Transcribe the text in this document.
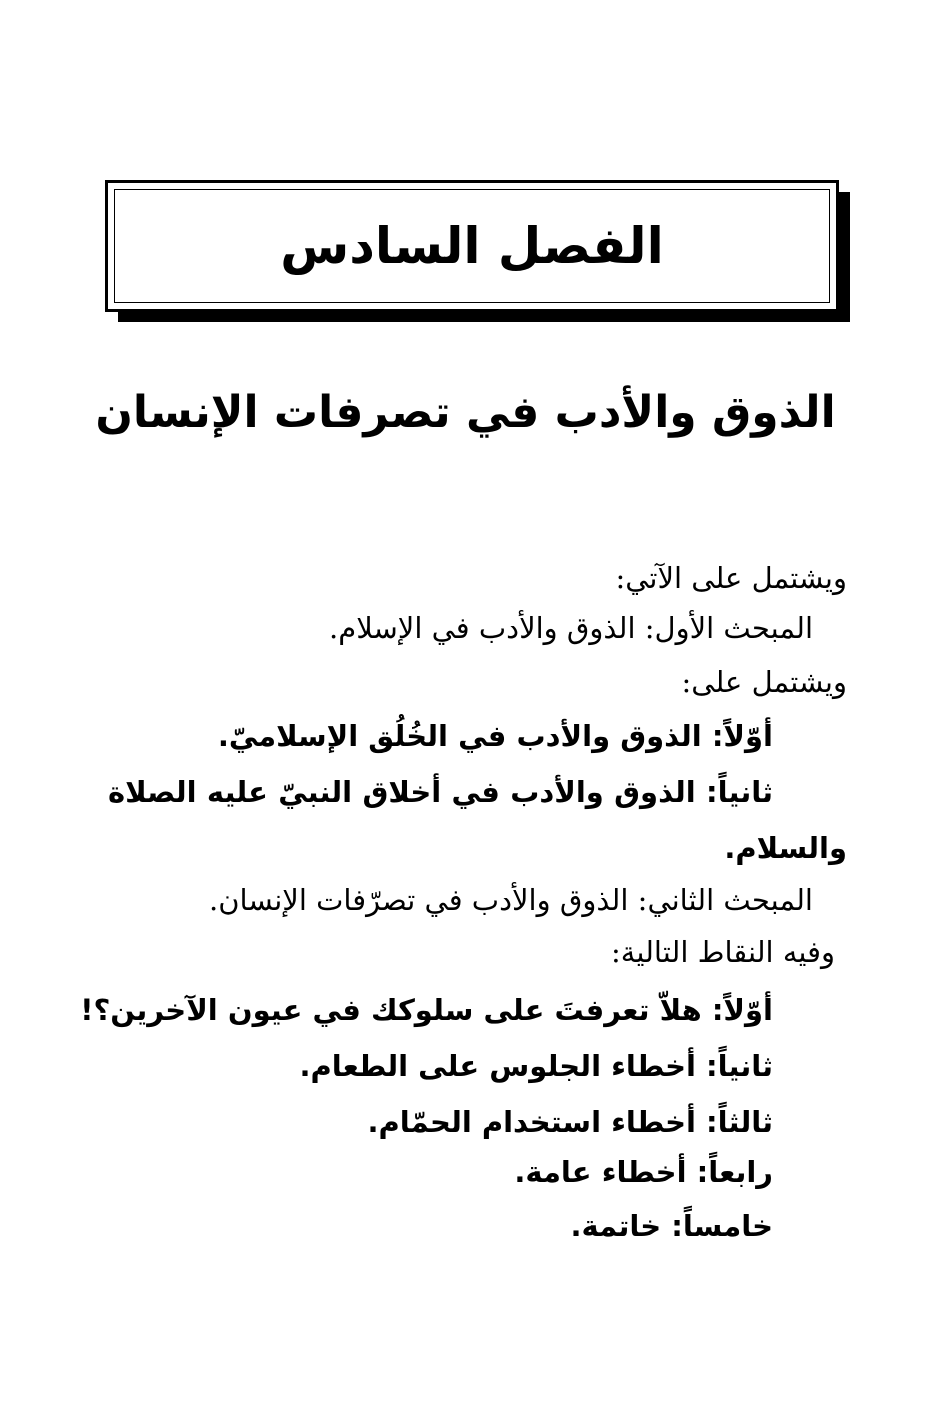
الفصل السادس
الذوق والأدب في تصرفات الإنسان
ويشتمل على الآتي:
المبحث الأول: الذوق والأدب في الإسلام.
ويشتمل على:
أوّلاً: الذوق والأدب في الخُلُق الإسلاميّ.
ثانياً: الذوق والأدب في أخلاق النبيّ عليه الصلاة
والسلام.
المبحث الثاني: الذوق والأدب في تصرّفات الإنسان.
وفيه النقاط التالية:
أوّلاً: هلاّ تعرفتَ على سلوكك في عيون الآخرين؟!
ثانياً: أخطاء الجلوس على الطعام.
ثالثاً: أخطاء استخدام الحمّام.
رابعاً: أخطاء عامة.
خامساً: خاتمة.
